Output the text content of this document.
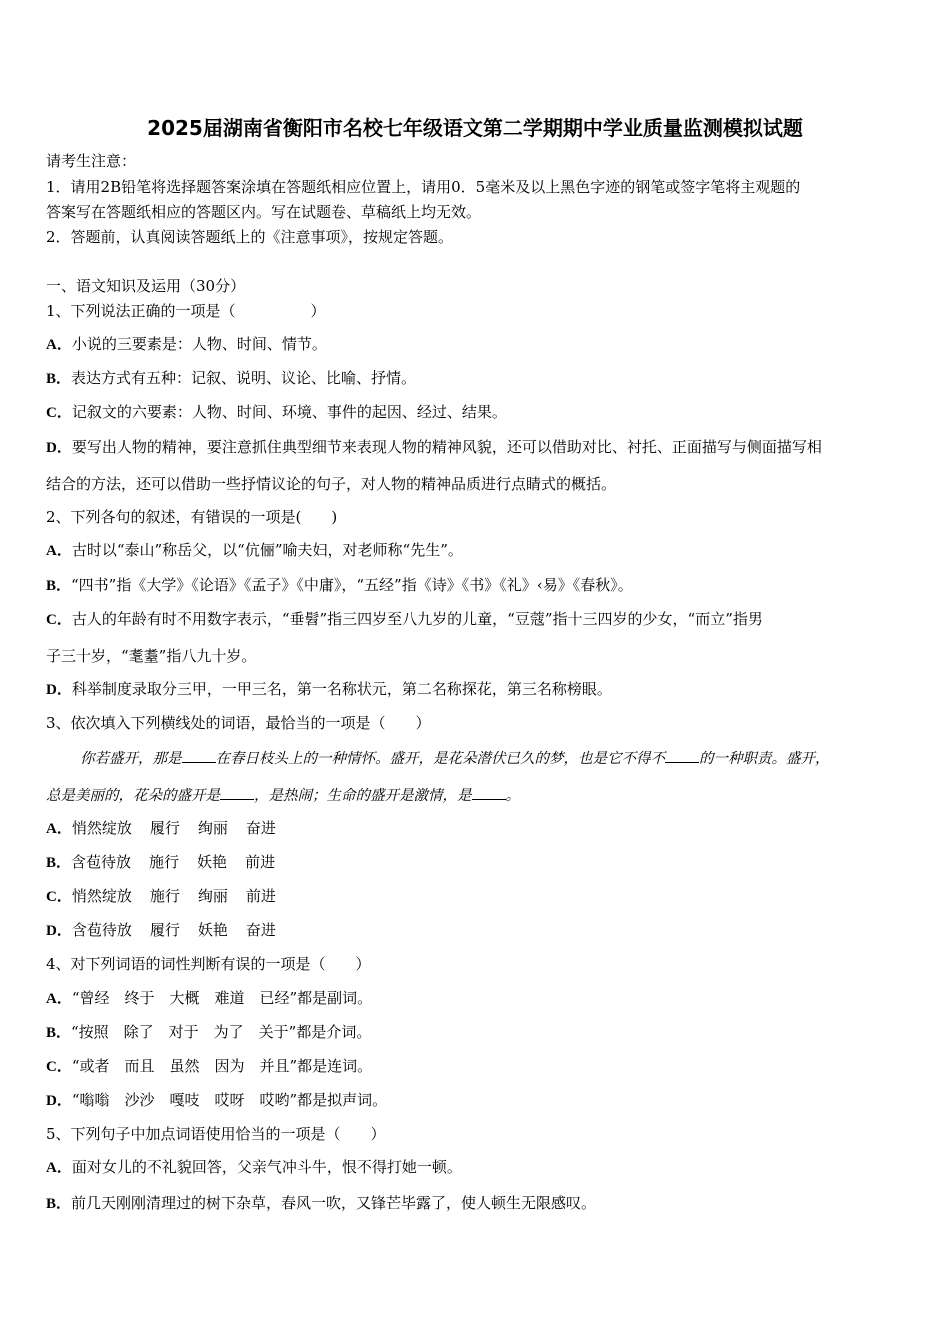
2025届湖南省衡阳市名校七年级语文第二学期期中学业质量监测模拟试题
请考生注意：
1．请用2B铅笔将选择题答案涂填在答题纸相应位置上，请用0．5毫米及以上黑色字迹的钢笔或签字笔将主观题的
答案写在答题纸相应的答题区内。写在试题卷、草稿纸上均无效。
2．答题前，认真阅读答题纸上的《注意事项》，按规定答题。
一、语文知识及运用（30分）
1、下列说法正确的一项是（　　　　　）
A．小说的三要素是：人物、时间、情节。
B．表达方式有五种：记叙、说明、议论、比喻、抒情。
C．记叙文的六要素：人物、时间、环境、事件的起因、经过、结果。
D．要写出人物的精神，要注意抓住典型细节来表现人物的精神风貌，还可以借助对比、衬托、正面描写与侧面描写相
结合的方法，还可以借助一些抒情议论的句子，对人物的精神品质进行点睛式的概括。
2、下列各句的叙述，有错误的一项是(　　)
A．古时以“泰山”称岳父，以“伉俪”喻夫妇，对老师称“先生”。
B．“四书”指《大学》《论语》《孟子》《中庸》，“五经”指《诗》《书》《礼》‹易》《春秋》。
C．古人的年龄有时不用数字表示，“垂髫”指三四岁至八九岁的儿童，“豆蔻”指十三四岁的少女，“而立”指男
子三十岁，“耄耋”指八九十岁。
D．科举制度录取分三甲，一甲三名，第一名称状元，第二名称探花，第三名称榜眼。
3、依次填入下列横线处的词语，最恰当的一项是（　　）
你若盛开，那是 在春日枝头上的一种情怀。盛开，是花朵潜伏已久的梦，也是它不得不 的一种职责。盛开，
总是美丽的，花朵的盛开是 ，是热闹；生命的盛开是激情，是 。
A．悄然绽放 履行 绚丽 奋进
B．含苞待放 施行 妖艳 前进
C．悄然绽放 施行 绚丽 前进
D．含苞待放 履行 妖艳 奋进
4、对下列词语的词性判断有误的一项是（　　）
A．“曾经　终于　大概　难道　已经”都是副词。
B．“按照　除了　对于　为了　关于”都是介词。
C．“或者　而且　虽然　因为　并且”都是连词。
D．“嗡嗡　沙沙　嘎吱　哎呀　哎哟”都是拟声词。
5、下列句子中加点词语使用恰当的一项是（　　）
A．面对女儿的不礼貌回答，父亲气冲斗牛，恨不得打她一顿。
B．前几天刚刚清理过的树下杂草，春风一吹，又锋芒毕露了，使人顿生无限感叹。
